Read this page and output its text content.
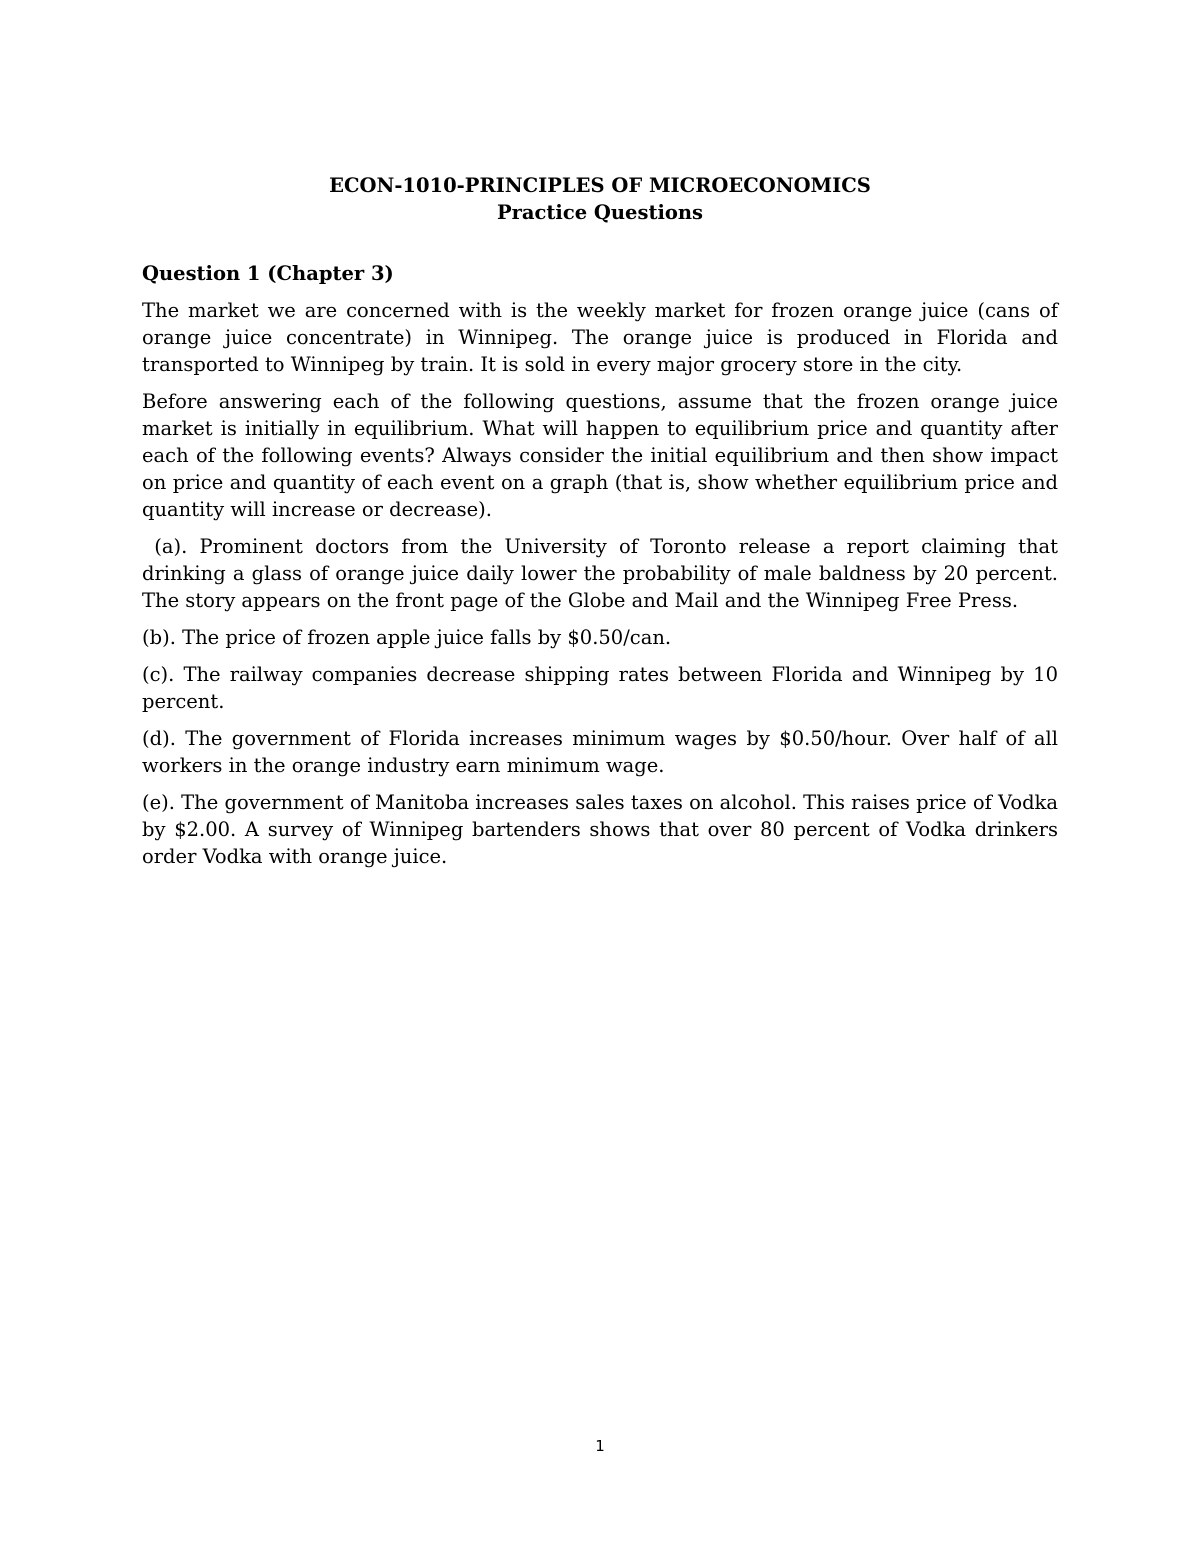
ECON-1010-PRINCIPLES OF MICROECONOMICS

Practice Questions

Question 1 (Chapter 3)

The market we are concerned with is the weekly market for frozen orange juice (cans of orange juice concentrate) in Winnipeg. The orange juice is produced in Florida and transported to Winnipeg by train. It is sold in every major grocery store in the city.

Before answering each of the following questions, assume that the frozen orange juice market is initially in equilibrium. What will happen to equilibrium price and quantity after each of the following events? Always consider the initial equilibrium and then show impact on price and quantity of each event on a graph (that is, show whether equilibrium price and quantity will increase or decrease).

(a). Prominent doctors from the University of Toronto release a report claiming that drinking a glass of orange juice daily lower the probability of male baldness by 20 percent. The story appears on the front page of the Globe and Mail and the Winnipeg Free Press.

(b). The price of frozen apple juice falls by $0.50/can.

(c). The railway companies decrease shipping rates between Florida and Winnipeg by 10 percent.

(d). The government of Florida increases minimum wages by $0.50/hour. Over half of all workers in the orange industry earn minimum wage.

(e). The government of Manitoba increases sales taxes on alcohol. This raises price of Vodka by $2.00. A survey of Winnipeg bartenders shows that over 80 percent of Vodka drinkers order Vodka with orange juice.

1
